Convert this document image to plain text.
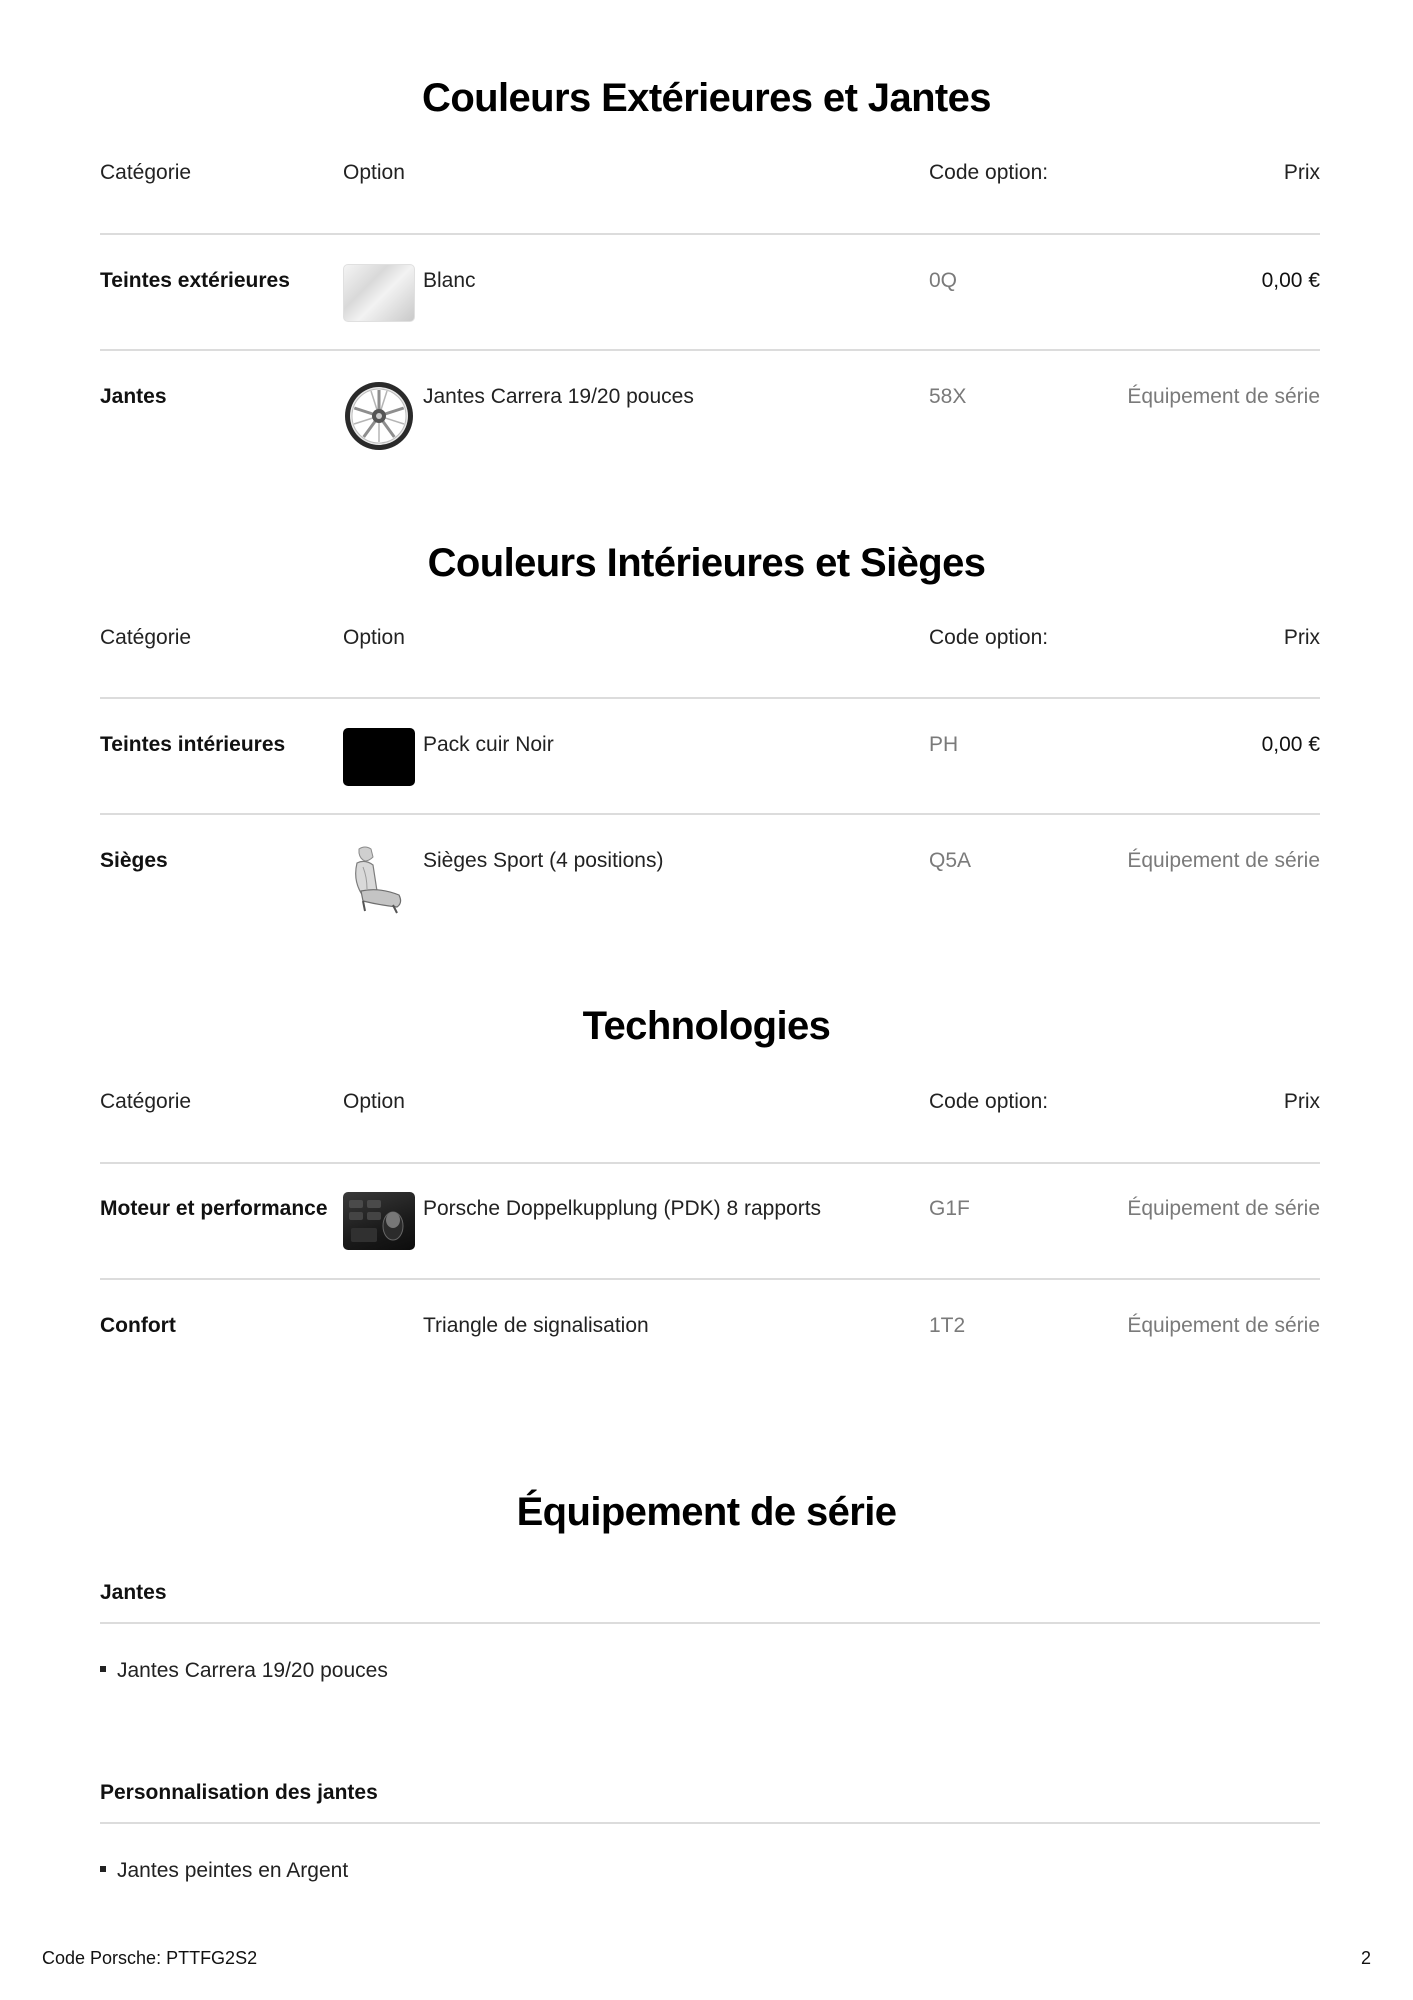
Couleurs Extérieures et Jantes
Catégorie	Option	Code option:	Prix
Teintes extérieures	Blanc	0Q	0,00 €
Jantes	Jantes Carrera 19/20 pouces	58X	Équipement de série
Couleurs Intérieures et Sièges
Catégorie	Option	Code option:	Prix
Teintes intérieures	Pack cuir Noir	PH	0,00 €
Sièges	Sièges Sport (4 positions)	Q5A	Équipement de série
Technologies
Catégorie	Option	Code option:	Prix
Moteur et performance	Porsche Doppelkupplung (PDK) 8 rapports	G1F	Équipement de série
Confort	Triangle de signalisation	1T2	Équipement de série
Équipement de série
Jantes
Jantes Carrera 19/20 pouces
Personnalisation des jantes
Jantes peintes en Argent
Code Porsche: PTTFG2S2	2
